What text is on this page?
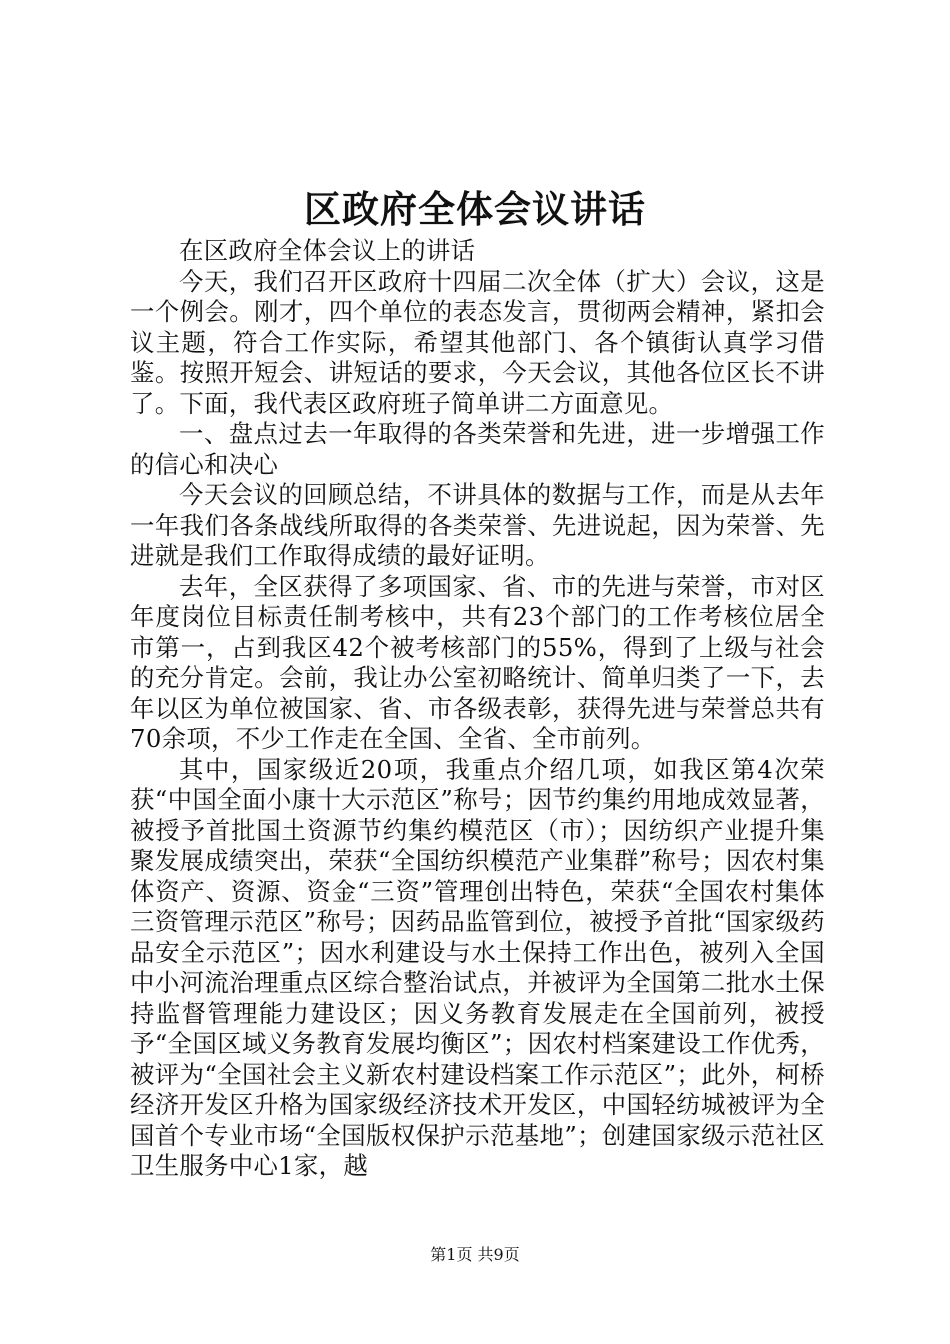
区政府全体会议讲话

在区政府全体会议上的讲话

今天，我们召开区政府十四届二次全体（扩大）会议，这是一个例会。刚才，四个单位的表态发言，贯彻两会精神，紧扣会议主题，符合工作实际，希望其他部门、各个镇街认真学习借鉴。按照开短会、讲短话的要求，今天会议，其他各位区长不讲了。下面，我代表区政府班子简单讲二方面意见。

一、盘点过去一年取得的各类荣誉和先进，进一步增强工作的信心和决心

今天会议的回顾总结，不讲具体的数据与工作，而是从去年一年我们各条战线所取得的各类荣誉、先进说起，因为荣誉、先进就是我们工作取得成绩的最好证明。

去年，全区获得了多项国家、省、市的先进与荣誉，市对区年度岗位目标责任制考核中，共有23个部门的工作考核位居全市第一，占到我区42个被考核部门的55%，得到了上级与社会的充分肯定。会前，我让办公室初略统计、简单归类了一下，去年以区为单位被国家、省、市各级表彰，获得先进与荣誉总共有70余项，不少工作走在全国、全省、全市前列。

其中，国家级近20项，我重点介绍几项，如我区第4次荣获“中国全面小康十大示范区”称号；因节约集约用地成效显著，被授予首批国土资源节约集约模范区（市）；因纺织产业提升集聚发展成绩突出，荣获“全国纺织模范产业集群”称号；因农村集体资产、资源、资金“三资”管理创出特色，荣获“全国农村集体三资管理示范区”称号；因药品监管到位，被授予首批“国家级药品安全示范区”；因水利建设与水土保持工作出色，被列入全国中小河流治理重点区综合整治试点，并被评为全国第二批水土保持监督管理能力建设区；因义务教育发展走在全国前列，被授予“全国区域义务教育发展均衡区”；因农村档案建设工作优秀，被评为“全国社会主义新农村建设档案工作示范区”；此外，柯桥经济开发区升格为国家级经济技术开发区，中国轻纺城被评为全国首个专业市场“全国版权保护示范基地”；创建国家级示范社区卫生服务中心1家，越

第1页 共9页
